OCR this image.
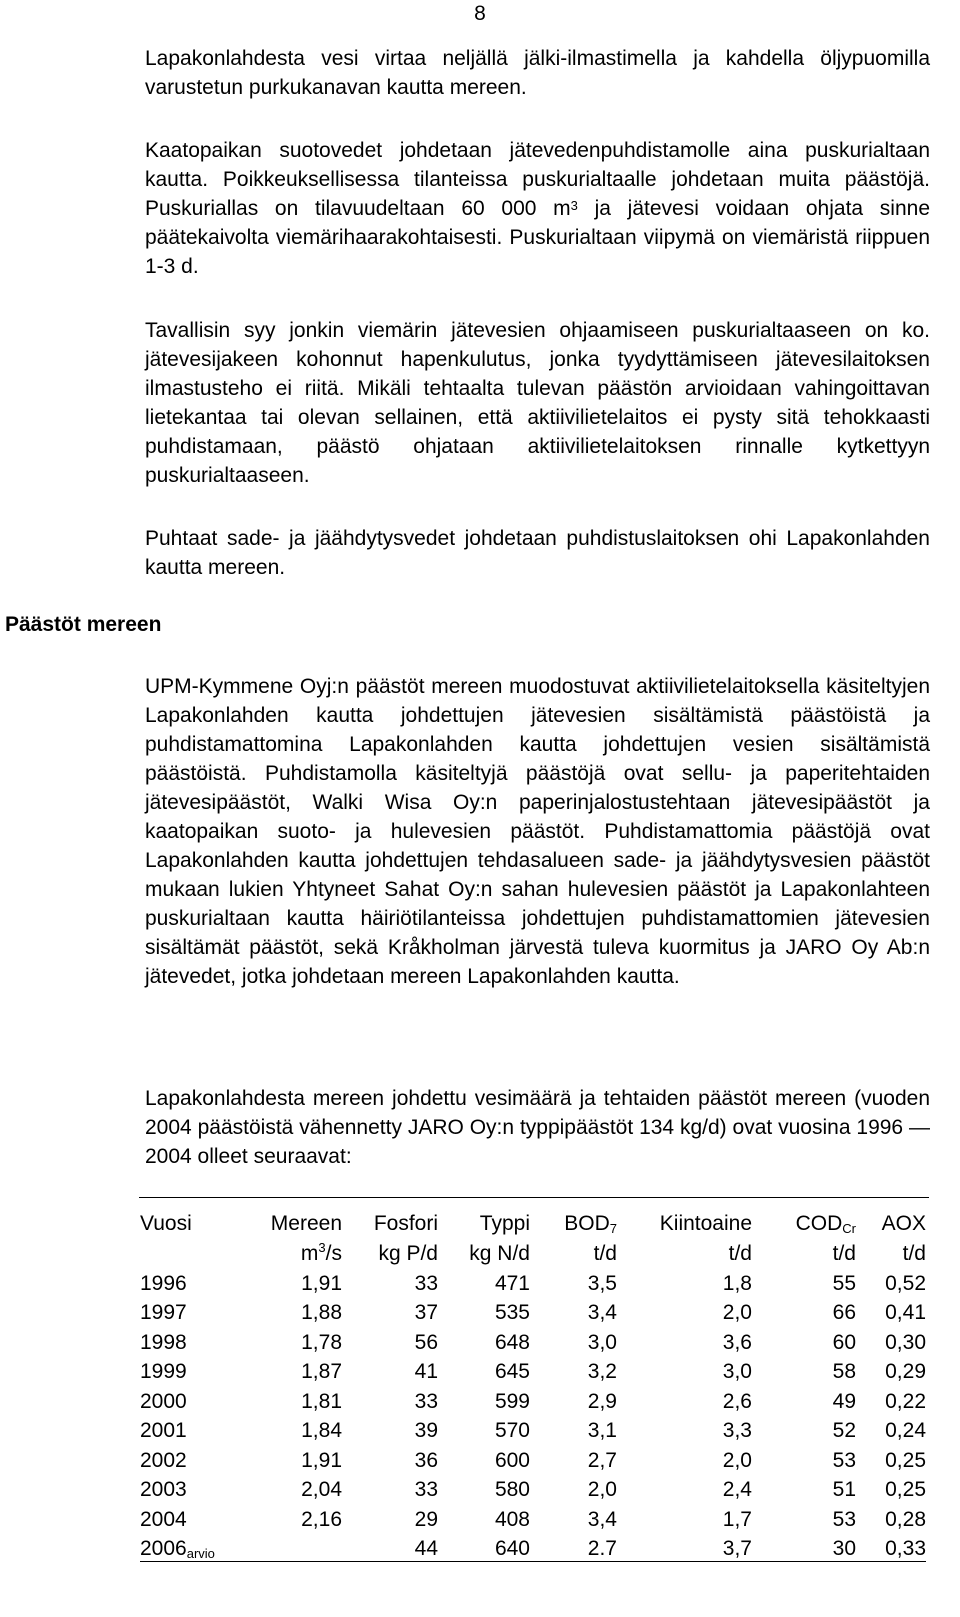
8
Päästöt mereen

Lapakonlahdesta vesi virtaa neljällä jälki-ilmastimella ja kahdella öljypuomilla varustetun purkukanavan kautta mereen.

Kaatopaikan suotovedet johdetaan jätevedenpuhdistamolle aina puskurialtaan kautta. Poikkeuksellisessa tilanteissa puskurialtaalle johdetaan muita päästöjä. Puskuriallas on tilavuudeltaan 60 000 $m^3$ ja jätevesi voidaan ohjata sinne päätekaivolta viemärihaarakohtaisesti. Puskurialtaan viipymä on viemäristä riippuen 1-3 d.

Tavallisin syy jonkin viemärin jätevesien ohjaamiseen puskurialtaaseen on ko. jätevesijakeen kohonnut hapenkulutus, jonka tyydyttämiseen jätevesilaitoksen ilmastusteho ei riitä. Mikäli tehtaalta tulevan päästön arvioidaan vahingoittavan lietekantaa tai olevan sellainen, että aktiivilietelaitos ei pysty sitä tehokkaasti puhdistamaan, päästö ohjataan aktiivilietelaitoksen rinnalle kytkettyyn puskurialtaaseen.

Puhtaat sade- ja jäähdytysvedet johdetaan puhdistuslaitoksen ohi Lapakonlahden kautta mereen.

UPM-Kymmene Oyj:n päästöt mereen muodostuvat aktiivilietelaitoksella käsiteltyjen Lapakonlahden kautta johdettujen jätevesien sisältämistä päästöistä ja puhdistamattomina Lapakonlahden kautta johdettujen vesien sisältämistä päästöistä. Puhdistamolla käsiteltyjä päästöjä ovat sellu- ja paperitehtaiden jätevesipäästöt, Walki Wisa Oy:n paperinjalostustehtaan jätevesipäästöt ja kaatopaikan suoto- ja hulevesien päästöt. Puhdistamattomia päästöjä ovat Lapakonlahden kautta johdettujen tehdasalueen sade- ja jäähdytysvesien päästöt mukaan lukien Yhtyneet Sahat Oy:n sahan hulevesien päästöt ja Lapakonlahteen puskurialtaan kautta häiriötilanteissa johdettujen puhdistamattomien jätevesien sisältämät päästöt, sekä Kråkholman järvestä tuleva kuormitus ja JARO Oy Ab:n jätevedet, jotka johdetaan mereen Lapakonlahden kautta.

Lapakonlahdesta mereen johdettu vesimäärä ja tehtaiden päästöt mereen (vuoden 2004 päästöistä vähennetty JARO Oy:n typpipäästöt 134 kg/d) ovat vuosina 1996 — 2004 olleet seuraavat:

Vuosi	Mereen	Fosfori	Typpi	BOD7	Kiintoaine	CODCr	AOX
	$m^3/s$	kg P/d	kg N/d	t/d	t/d	t/d	t/d
1996	1,91	33	471	3,5	1,8	55	0,52
1997	1,88	37	535	3,4	2,0	66	0,41
1998	1,78	56	648	3,0	3,6	60	0,30
1999	1,87	41	645	3,2	3,0	58	0,29
2000	1,81	33	599	2,9	2,6	49	0,22
2001	1,84	39	570	3,1	3,3	52	0,24
2002	1,91	36	600	2,7	2,0	53	0,25
2003	2,04	33	580	2,0	2,4	51	0,25
2004	2,16	29	408	3,4	1,7	53	0,28
2006arvio		44	640	2.7	3,7	30	0,33
